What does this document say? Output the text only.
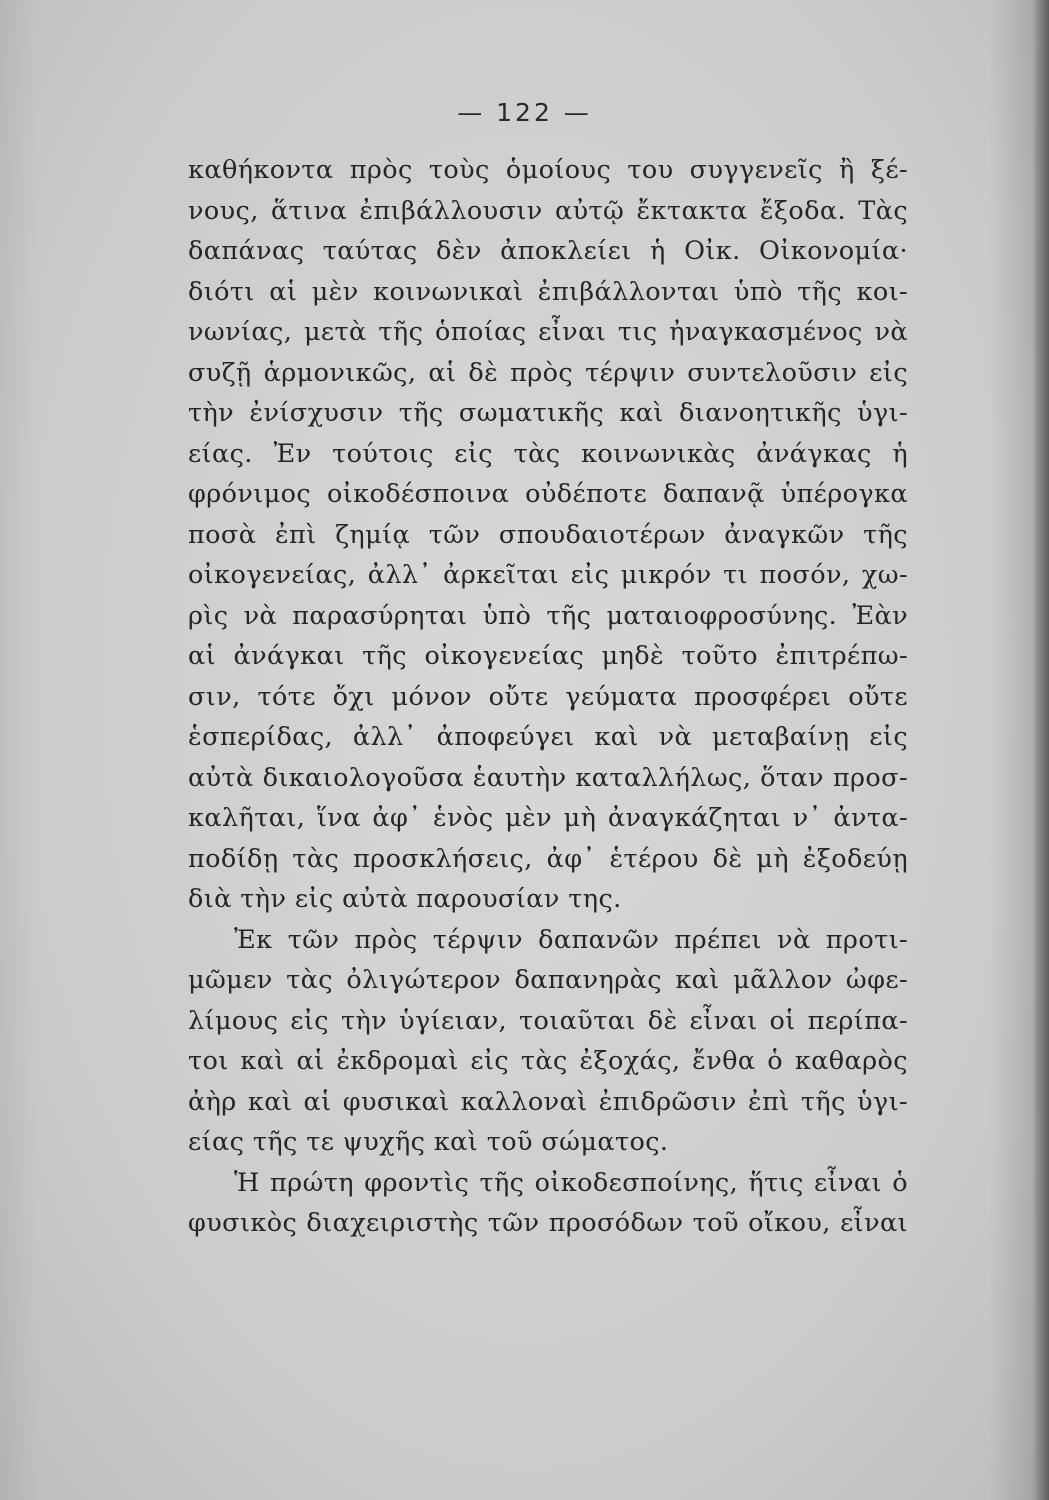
— 122 —
καθήκοντα πρὸς τοὺς ὁμοίους του συγγενεῖς ἢ ξέ-
νους, ἅτινα ἐπιβάλλουσιν αὐτῷ ἔκτακτα ἔξοδα. Τὰς
δαπάνας ταύτας δὲν ἀποκλείει ἡ Οἰκ. Οἰκονομία·
διότι αἱ μὲν κοινωνικαὶ ἐπιβάλλονται ὑπὸ τῆς κοι-
νωνίας, μετὰ τῆς ὁποίας εἶναι τις ἠναγκασμένος νὰ
συζῇ ἁρμονικῶς, αἱ δὲ πρὸς τέρψιν συντελοῦσιν εἰς
τὴν ἐνίσχυσιν τῆς σωματικῆς καὶ διανοητικῆς ὑγι-
είας. Ἐν τούτοις εἰς τὰς κοινωνικὰς ἀνάγκας ἡ
φρόνιμος οἰκοδέσποινα οὐδέποτε δαπανᾷ ὑπέρογκα
ποσὰ ἐπὶ ζημίᾳ τῶν σπουδαιοτέρων ἀναγκῶν τῆς
οἰκογενείας, ἀλλ᾽ ἀρκεῖται εἰς μικρόν τι ποσόν, χω-
ρὶς νὰ παρασύρηται ὑπὸ τῆς ματαιοφροσύνης. Ἐὰν
αἱ ἀνάγκαι τῆς οἰκογενείας μηδὲ τοῦτο ἐπιτρέπω-
σιν, τότε ὄχι μόνον οὔτε γεύματα προσφέρει οὔτε
ἑσπερίδας, ἀλλ᾽ ἀποφεύγει καὶ νὰ μεταβαίνῃ εἰς
αὐτὰ δικαιολογοῦσα ἑαυτὴν καταλλήλως, ὅταν προσ-
καλῆται, ἵνα ἀφ᾽ ἑνὸς μὲν μὴ ἀναγκάζηται ν᾽ ἀντα-
ποδίδῃ τὰς προσκλήσεις, ἀφ᾽ ἑτέρου δὲ μὴ ἐξοδεύῃ
διὰ τὴν εἰς αὐτὰ παρουσίαν της.
Ἐκ τῶν πρὸς τέρψιν δαπανῶν πρέπει νὰ προτι-
μῶμεν τὰς ὀλιγώτερον δαπανηρὰς καὶ μᾶλλον ὠφε-
λίμους εἰς τὴν ὑγίειαν, τοιαῦται δὲ εἶναι οἱ περίπα-
τοι καὶ αἱ ἐκδρομαὶ εἰς τὰς ἐξοχάς, ἔνθα ὁ καθαρὸς
ἀὴρ καὶ αἱ φυσικαὶ καλλοναὶ ἐπιδρῶσιν ἐπὶ τῆς ὑγι-
είας τῆς τε ψυχῆς καὶ τοῦ σώματος.
Ἡ πρώτη φροντὶς τῆς οἰκοδεσποίνης, ἥτις εἶναι ὁ
φυσικὸς διαχειριστὴς τῶν προσόδων τοῦ οἴκου, εἶναι
